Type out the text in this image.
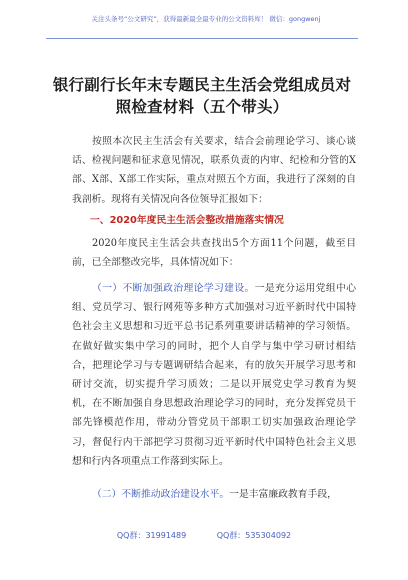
关注头条号“公文研究”，获得最新最全最专业的公文资料库！ 微信：gongwenj
银行副行长年末专题民主生活会党组成员对照检查材料（五个带头）
按照本次民主生活会有关要求，结合会前理论学习、谈心谈话、检视问题和征求意见情况，联系负责的内审、纪检和分管的X部、X部、X部工作实际，重点对照五个方面，我进行了深刻的自我剖析。现将有关情况向各位领导汇报如下：
一、2020年度民主生活会整改措施落实情况
2020年度民主生活会共查找出5个方面11个问题，截至目前，已全部整改完毕，具体情况如下：
（一）不断加强政治理论学习建设。一是充分运用党组中心组、党员学习、银行网苑等多种方式加强对习近平新时代中国特色社会主义思想和习近平总书记系列重要讲话精神的学习领悟。在做好做实集中学习的同时，把个人自学与集中学习研讨相结合，把理论学习与专题调研结合起来，有的放矢开展学习思考和研讨交流，切实提升学习质效；二是以开展党史学习教育为契机，在不断加强自身思想政治理论学习的同时，充分发挥党员干部先锋模范作用，带动分管党员干部职工切实加强政治理论学习，督促行内干部把学习贯彻习近平新时代中国特色社会主义思想和行内各项重点工作落到实际上。
（二）不断推动政治建设水平。一是丰富廉政教育手段，
QQ群：31991489	QQ群：535304092
